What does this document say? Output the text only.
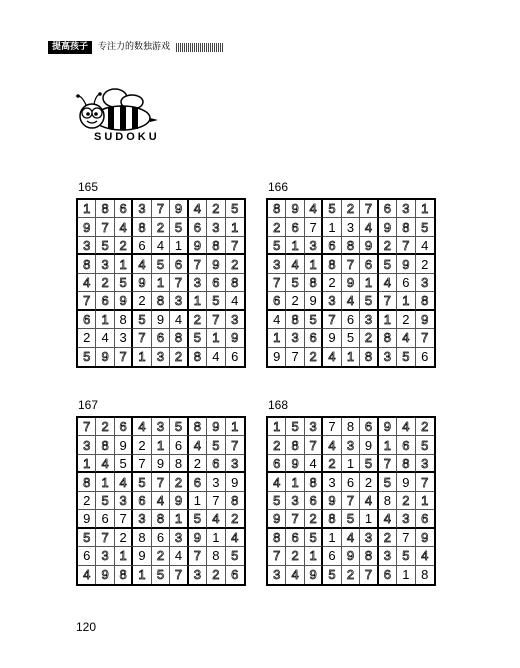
提高孩子	专注力的数独游戏
SUDOKU
165
1 8 6 3 7 9 4 2 5
9 7 4 8 2 5 6 3 1
3 5 2 6 4 1 9 8 7
8 3 1 4 5 6 7 9 2
4 2 5 9 1 7 3 6 8
7 6 9 2 8 3 1 5 4
6 1 8 5 9 4 2 7 3
2 4 3 7 6 8 5 1 9
5 9 7 1 3 2 8 4 6
166
8 9 4 5 2 7 6 3 1
2 6 7 1 3 4 9 8 5
5 1 3 6 8 9 2 7 4
3 4 1 8 7 6 5 9 2
7 5 8 2 9 1 4 6 3
6 2 9 3 4 5 7 1 8
4 8 5 7 6 3 1 2 9
1 3 6 9 5 2 8 4 7
9 7 2 4 1 8 3 5 6
167
7 2 6 4 3 5 8 9 1
3 8 9 2 1 6 4 5 7
1 4 5 7 9 8 2 6 3
8 1 4 5 7 2 6 3 9
2 5 3 6 4 9 1 7 8
9 6 7 3 8 1 5 4 2
5 7 2 8 6 3 9 1 4
6 3 1 9 2 4 7 8 5
4 9 8 1 5 7 3 2 6
168
1 5 3 7 8 6 9 4 2
2 8 7 4 3 9 1 6 5
6 9 4 2 1 5 7 8 3
4 1 8 3 6 2 5 9 7
5 3 6 9 7 4 8 2 1
9 7 2 8 5 1 4 3 6
8 6 5 1 4 3 2 7 9
7 2 1 6 9 8 3 5 4
3 4 9 5 2 7 6 1 8
120
